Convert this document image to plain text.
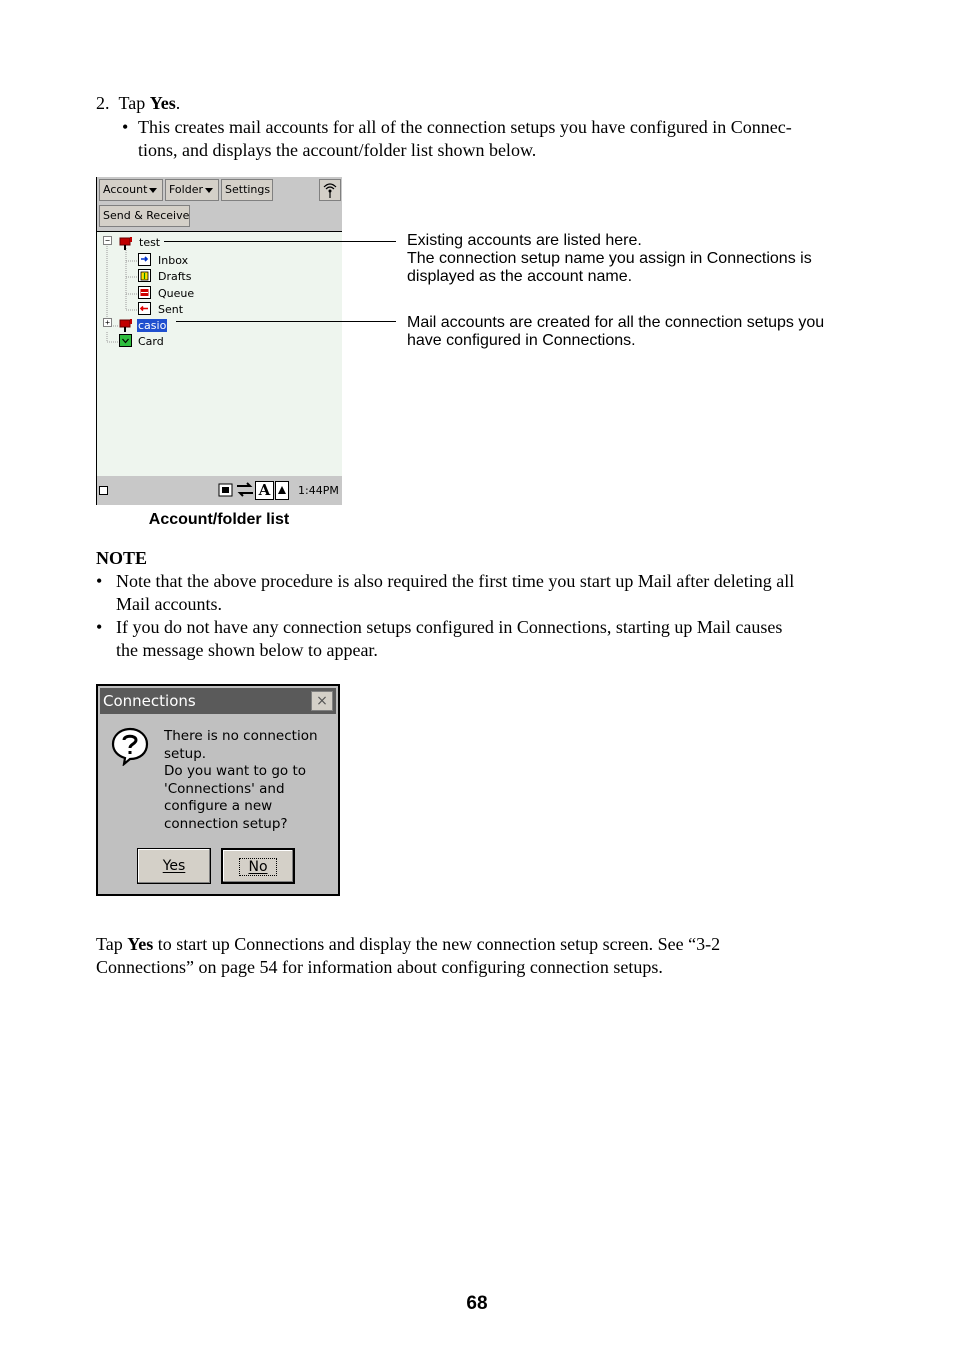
2. Tap Yes.
• This creates mail accounts for all of the connection setups you have configured in Connec-
tions, and displays the account/folder list shown below.
Account	Folder	Settings
Send & Receive
−	test
Inbox
Drafts
Queue
Sent
+	casio
Card
A	1:44PM
Account/folder list
Existing accounts are listed here.
The connection setup name you assign in Connections is
displayed as the account name.
Mail accounts are created for all the connection setups you
have configured in Connections.
NOTE
• Note that the above procedure is also required the first time you start up Mail after deleting all
Mail accounts.
• If you do not have any connection setups configured in Connections, starting up Mail causes
the message shown below to appear.
Connections	×
There is no connection
setup.
Do you want to go to
'Connections' and
configure a new
connection setup?
Yes	No
Tap Yes to start up Connections and display the new connection setup screen. See “3-2
Connections” on page 54 for information about configuring connection setups.
68
